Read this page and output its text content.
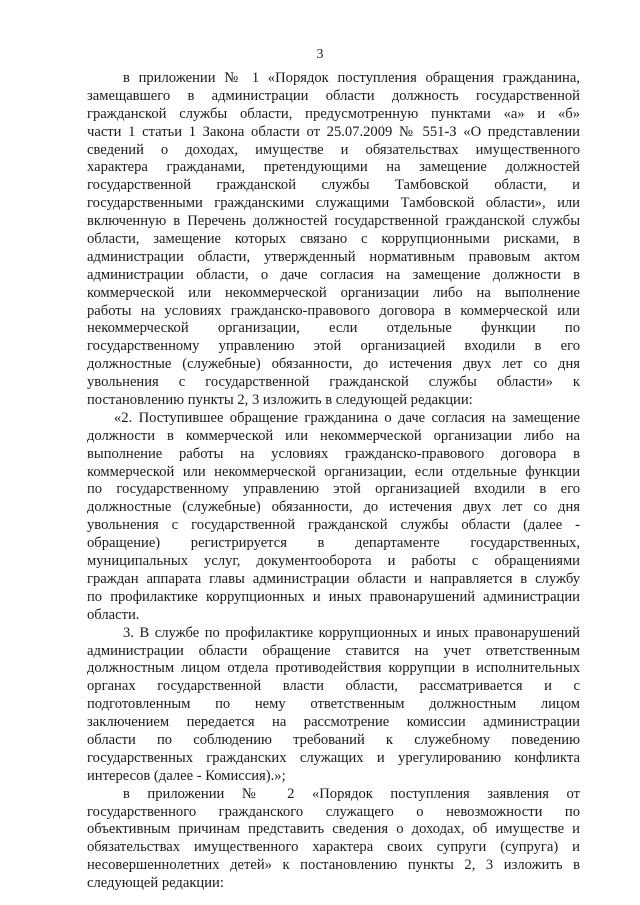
3
в приложении № 1 «Порядок поступления обращения гражданина,
замещавшего в администрации области должность государственной
гражданской службы области, предусмотренную пунктами «а» и «б»
части 1 статьи 1 Закона области от 25.07.2009 № 551-З «О представлении
сведений о доходах, имуществе и обязательствах имущественного
характера гражданами, претендующими на замещение должностей
государственной гражданской службы Тамбовской области, и
государственными гражданскими служащими Тамбовской области», или
включенную в Перечень должностей государственной гражданской службы
области, замещение которых связано с коррупционными рисками, в
администрации области, утвержденный нормативным правовым актом
администрации области, о даче согласия на замещение должности в
коммерческой или некоммерческой организации либо на выполнение
работы на условиях гражданско-правового договора в коммерческой или
некоммерческой организации, если отдельные функции по
государственному управлению этой организацией входили в его
должностные (служебные) обязанности, до истечения двух лет со дня
увольнения с государственной гражданской службы области» к
постановлению пункты 2, 3 изложить в следующей редакции:
«2. Поступившее обращение гражданина о даче согласия на замещение
должности в коммерческой или некоммерческой организации либо на
выполнение работы на условиях гражданско-правового договора в
коммерческой или некоммерческой организации, если отдельные функции
по государственному управлению этой организацией входили в его
должностные (служебные) обязанности, до истечения двух лет со дня
увольнения с государственной гражданской службы области (далее -
обращение) регистрируется в департаменте государственных,
муниципальных услуг, документооборота и работы с обращениями
граждан аппарата главы администрации области и направляется в службу
по профилактике коррупционных и иных правонарушений администрации
области.
3. В службе по профилактике коррупционных и иных правонарушений
администрации области обращение ставится на учет ответственным
должностным лицом отдела противодействия коррупции в исполнительных
органах государственной власти области, рассматривается и с
подготовленным по нему ответственным должностным лицом
заключением передается на рассмотрение комиссии администрации
области по соблюдению требований к служебному поведению
государственных гражданских служащих и урегулированию конфликта
интересов (далее - Комиссия).»;
в приложении № 2 «Порядок поступления заявления от
государственного гражданского служащего о невозможности по
объективным причинам представить сведения о доходах, об имуществе и
обязательствах имущественного характера своих супруги (супруга) и
несовершеннолетних детей» к постановлению пункты 2, 3 изложить в
следующей редакции:
